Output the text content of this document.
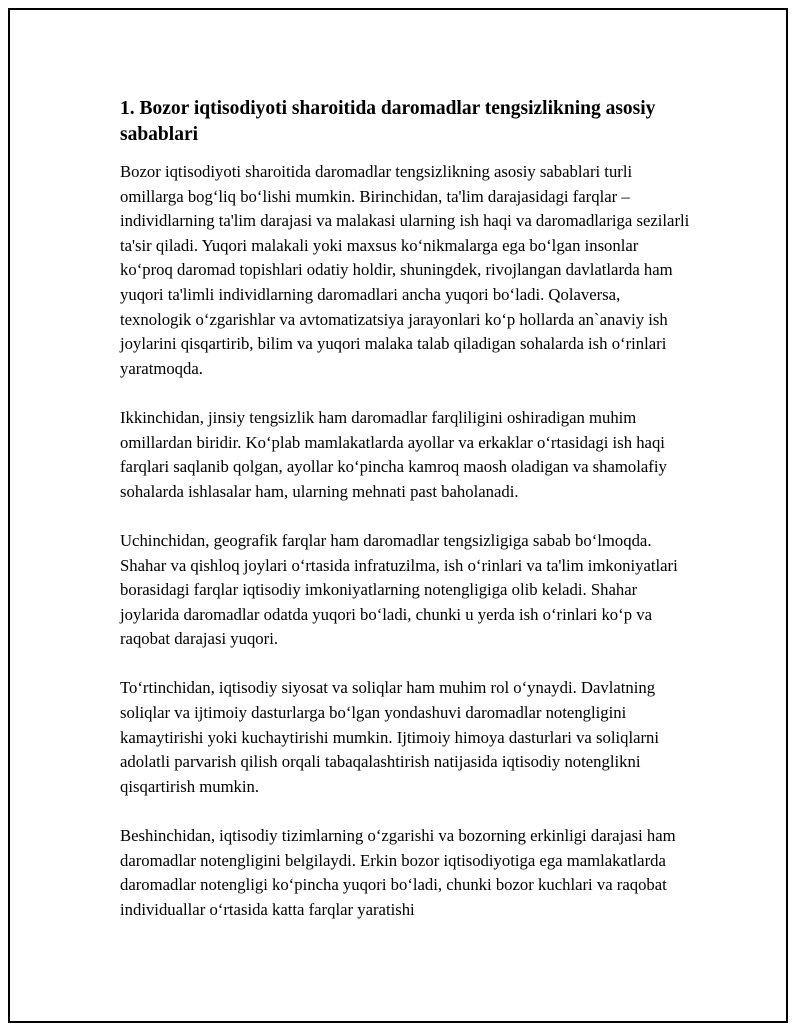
1. Bozor iqtisodiyoti sharoitida daromadlar tengsizlikning asosiy sabablari

Bozor iqtisodiyoti sharoitida daromadlar tengsizlikning asosiy sabablari turli omillarga bog‘liq bo‘lishi mumkin. Birinchidan, ta'lim darajasidagi farqlar – individlarning ta'lim darajasi va malakasi ularning ish haqi va daromadlariga sezilarli ta'sir qiladi. Yuqori malakali yoki maxsus ko‘nikmalarga ega bo‘lgan insonlar ko‘proq daromad topishlari odatiy holdir, shuningdek, rivojlangan davlatlarda ham yuqori ta'limli individlarning daromadlari ancha yuqori bo‘ladi. Qolaversa, texnologik o‘zgarishlar va avtomatizatsiya jarayonlari ko‘p hollarda an`anaviy ish joylarini qisqartirib, bilim va yuqori malaka talab qiladigan sohalarda ish o‘rinlari yaratmoqda.

Ikkinchidan, jinsiy tengsizlik ham daromadlar farqliligini oshiradigan muhim omillardan biridir. Ko‘plab mamlakatlarda ayollar va erkaklar o‘rtasidagi ish haqi farqlari saqlanib qolgan, ayollar ko‘pincha kamroq maosh oladigan va shamolafiy sohalarda ishlasalar ham, ularning mehnati past baholanadi.

Uchinchidan, geografik farqlar ham daromadlar tengsizligiga sabab bo‘lmoqda. Shahar va qishloq joylari o‘rtasida infratuzilma, ish o‘rinlari va ta'lim imkoniyatlari borasidagi farqlar iqtisodiy imkoniyatlarning notengligiga olib keladi. Shahar joylarida daromadlar odatda yuqori bo‘ladi, chunki u yerda ish o‘rinlari ko‘p va raqobat darajasi yuqori.

To‘rtinchidan, iqtisodiy siyosat va soliqlar ham muhim rol o‘ynaydi. Davlatning soliqlar va ijtimoiy dasturlarga bo‘lgan yondashuvi daromadlar notengligini kamaytirishi yoki kuchaytirishi mumkin. Ijtimoiy himoya dasturlari va soliqlarni adolatli parvarish qilish orqali tabaqalashtirish natijasida iqtisodiy notenglikni qisqartirish mumkin.

Beshinchidan, iqtisodiy tizimlarning o‘zgarishi va bozorning erkinligi darajasi ham daromadlar notengligini belgilaydi. Erkin bozor iqtisodiyotiga ega mamlakatlarda daromadlar notengligi ko‘pincha yuqori bo‘ladi, chunki bozor kuchlari va raqobat individuallar o‘rtasida katta farqlar yaratishi
